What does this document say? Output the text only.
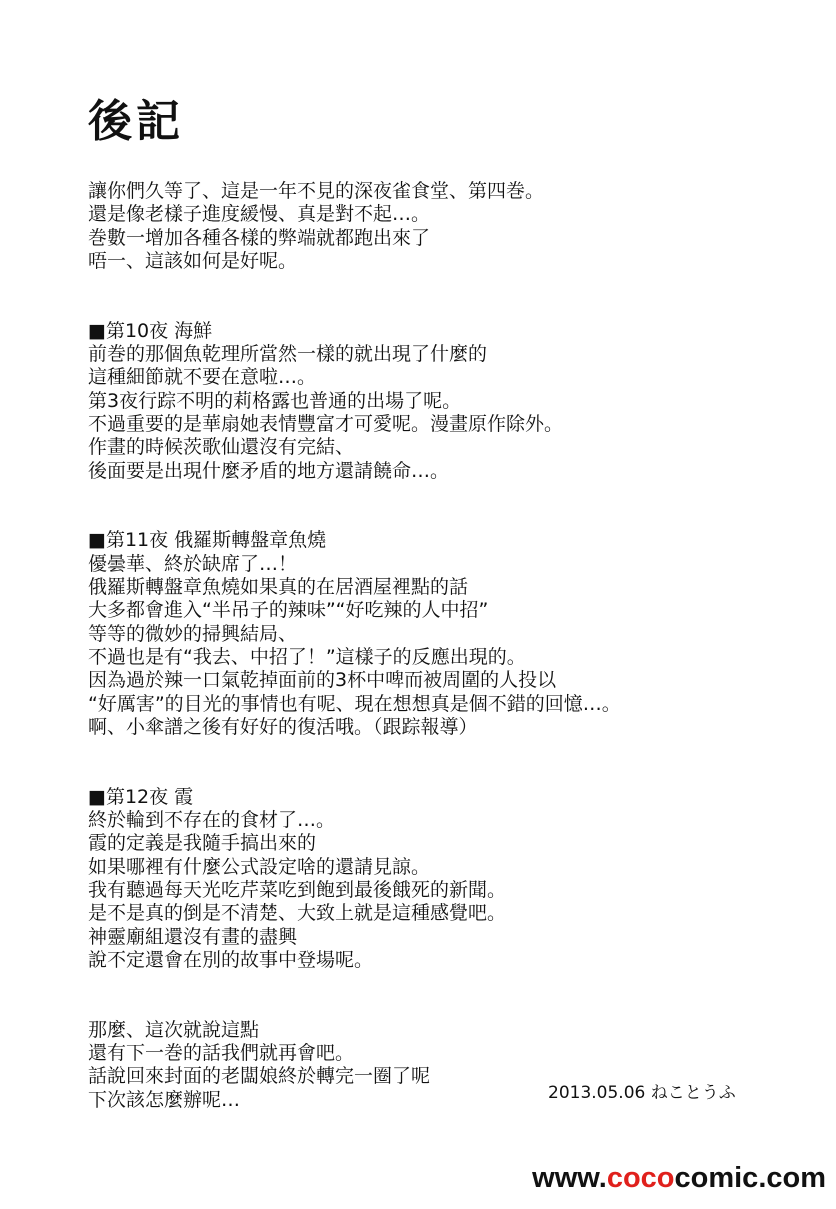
後記
讓你們久等了、這是一年不見的深夜雀食堂、第四巻。
還是像老樣子進度緩慢、真是對不起…。
巻數一增加各種各樣的弊端就都跑出來了
唔一、這該如何是好呢。
■第10夜 海鮮
前巻的那個魚乾理所當然一樣的就出現了什麼的
這種細節就不要在意啦…。
第3夜行踪不明的莉格露也普通的出場了呢。
不過重要的是華扇她表情豐富才可愛呢。漫畫原作除外。
作畫的時候茨歌仙還沒有完結、
後面要是出現什麼矛盾的地方還請饒命…。
■第11夜 俄羅斯轉盤章魚燒
優曇華、終於缺席了…！
俄羅斯轉盤章魚燒如果真的在居酒屋裡點的話
大多都會進入“半吊子的辣味”“好吃辣的人中招”
等等的微妙的掃興結局、
不過也是有“我去、中招了！”這樣子的反應出現的。
因為過於辣一口氣乾掉面前的3杯中啤而被周圍的人投以
“好厲害”的目光的事情也有呢、現在想想真是個不錯的回憶…。
啊、小傘譜之後有好好的復活哦。（跟踪報導）
■第12夜 霞
終於輪到不存在的食材了…。
霞的定義是我隨手搞出來的
如果哪裡有什麼公式設定啥的還請見諒。
我有聽過每天光吃芹菜吃到飽到最後餓死的新聞。
是不是真的倒是不清楚、大致上就是這種感覺吧。
神靈廟組還沒有畫的盡興
說不定還會在別的故事中登場呢。
那麼、這次就說這點
還有下一巻的話我們就再會吧。
話說回來封面的老闆娘終於轉完一圈了呢
下次該怎麼辦呢…	2013.05.06 ねことうふ
www.cococomic.com
